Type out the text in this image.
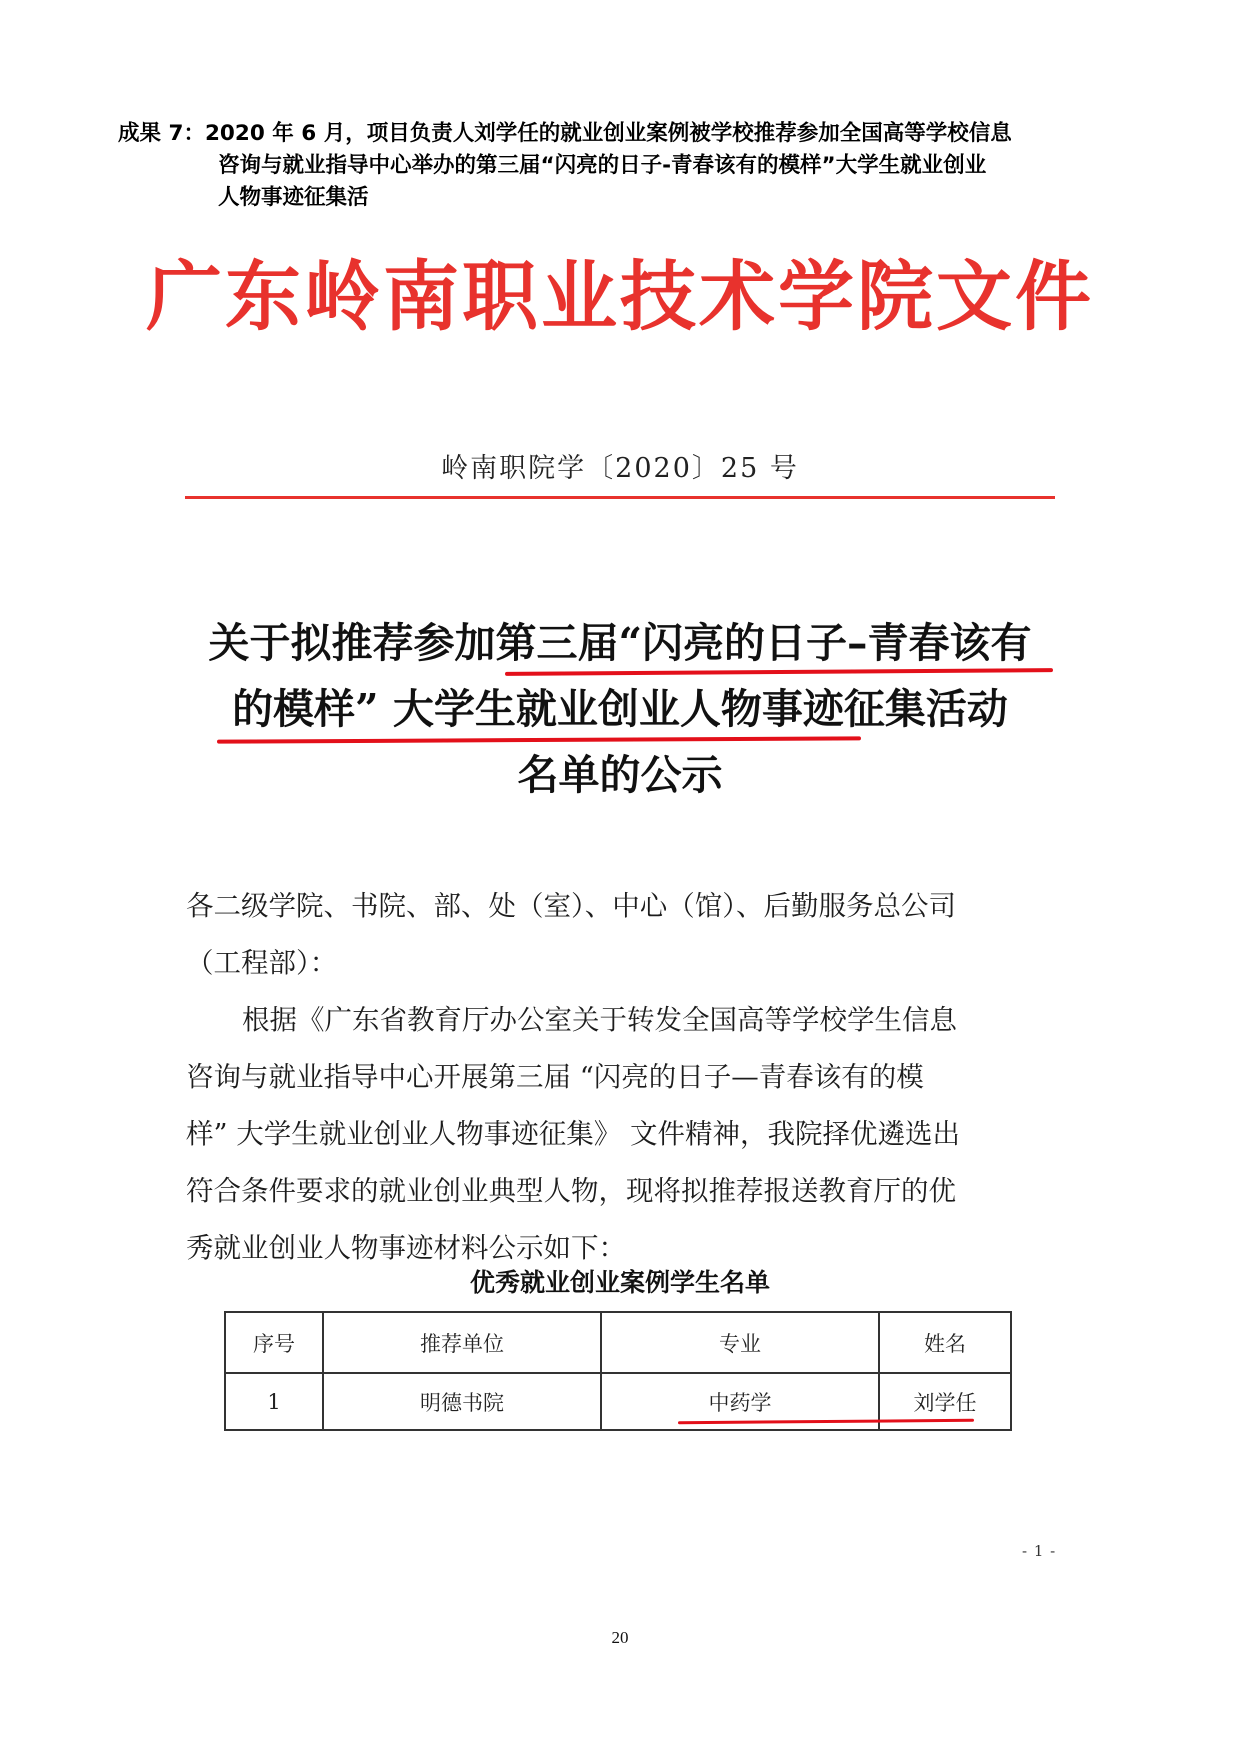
成果 7：2020 年 6 月，项目负责人刘学任的就业创业案例被学校推荐参加全国高等学校信息
咨询与就业指导中心举办的第三届“闪亮的日子-青春该有的模样”大学生就业创业
人物事迹征集活
广东岭南职业技术学院文件
岭南职院学〔2020〕25 号
关于拟推荐参加第三届“闪亮的日子–青春该有
的模样” 大学生就业创业人物事迹征集活动
名单的公示
各二级学院、书院、部、处（室）、中心（馆）、后勤服务总公司
（工程部）：
根据《广东省教育厅办公室关于转发全国高等学校学生信息
咨询与就业指导中心开展第三届 “闪亮的日子—青春该有的模
样” 大学生就业创业人物事迹征集》 文件精神，我院择优遴选出
符合条件要求的就业创业典型人物，现将拟推荐报送教育厅的优
秀就业创业人物事迹材料公示如下：
优秀就业创业案例学生名单
序号	推荐单位	专业	姓名
1	明德书院	中药学	刘学任
- 1 -
20
